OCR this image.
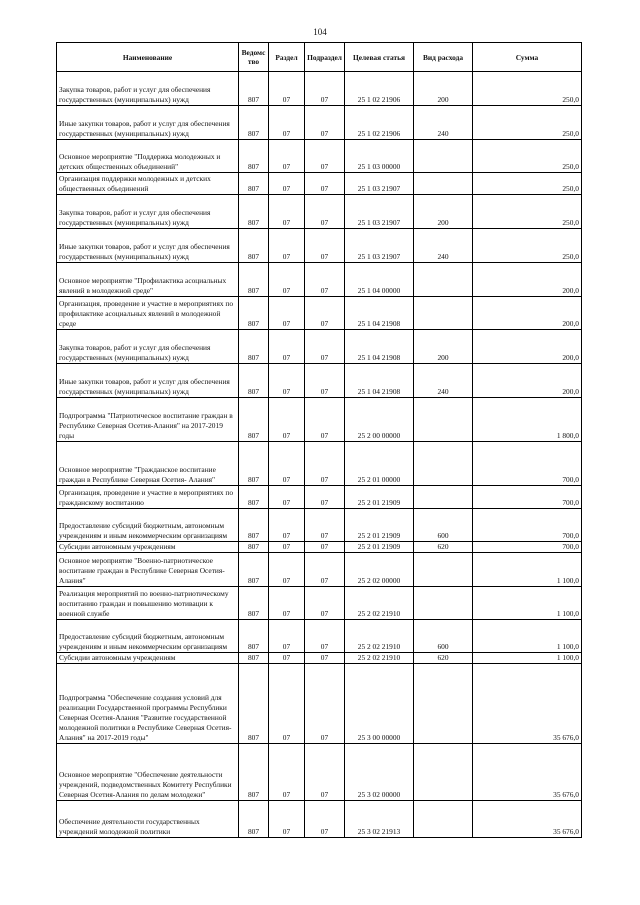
104
Наименование	Ведомс тво	Раздел	Подраздел	Целевая статья	Вид расхода	Сумма
Закупка товаров, работ и услуг для обеспечения государственных (муниципальных) нужд	807	07	07	25 1 02 21906	200	250,0
Иные закупки товаров, работ и услуг для обеспечения государственных (муниципальных) нужд	807	07	07	25 1 02 21906	240	250,0
Основное мероприятие "Поддержка молодежных и детских общественных объединений"	807	07	07	25 1 03 00000		250,0
Организация поддержки молодежных и детских общественных объединений	807	07	07	25 1 03 21907		250,0
Закупка товаров, работ и услуг для обеспечения государственных (муниципальных) нужд	807	07	07	25 1 03 21907	200	250,0
Иные закупки товаров, работ и услуг для обеспечения государственных (муниципальных) нужд	807	07	07	25 1 03 21907	240	250,0
Основное мероприятие "Профилактика асоциальных явлений в молодежной среде"	807	07	07	25 1 04 00000		200,0
Организация, проведение и участие в мероприятиях по профилактике асоциальных явлений в молодежной среде	807	07	07	25 1 04 21908		200,0
Закупка товаров, работ и услуг для обеспечения государственных (муниципальных) нужд	807	07	07	25 1 04 21908	200	200,0
Иные закупки товаров, работ и услуг для обеспечения государственных (муниципальных) нужд	807	07	07	25 1 04 21908	240	200,0
Подпрограмма "Патриотическое воспитание граждан в Республике Северная Осетия-Алания" на 2017-2019 годы	807	07	07	25 2 00 00000		1 800,0
Основное мероприятие "Гражданское воспитание граждан в Республике Северная Осетия- Алания"	807	07	07	25 2 01 00000		700,0
Организация, проведение и участие в мероприятиях по гражданскому воспитанию	807	07	07	25 2 01 21909		700,0
Предоставление субсидий бюджетным, автономным учреждениям и иным некоммерческим организациям	807	07	07	25 2 01 21909	600	700,0
Субсидии автономным учреждениям	807	07	07	25 2 01 21909	620	700,0
Основное мероприятие "Военно-патриотическое воспитание граждан в Республике Северная Осетия- Алания"	807	07	07	25 2 02 00000		1 100,0
Реализация мероприятий по военно-патриотическому воспитанию граждан и повышению мотивации к военной службе	807	07	07	25 2 02 21910		1 100,0
Предоставление субсидий бюджетным, автономным учреждениям и иным некоммерческим организациям	807	07	07	25 2 02 21910	600	1 100,0
Субсидии автономным учреждениям	807	07	07	25 2 02 21910	620	1 100,0
Подпрограмма "Обеспечение создания условий для реализации Государственной программы Республики Северная Осетия-Алания "Развитие государственной молодежной политики в Республике Северная Осетия-Алания" на 2017-2019 годы"	807	07	07	25 3 00 00000		35 676,0
Основное мероприятие "Обеспечение деятельности учреждений, подведомственных Комитету Республики Северная Осетия-Алания по делам молодежи"	807	07	07	25 3 02 00000		35 676,0
Обеспечение деятельности государственных учреждений молодежной политики	807	07	07	25 3 02 21913		35 676,0
